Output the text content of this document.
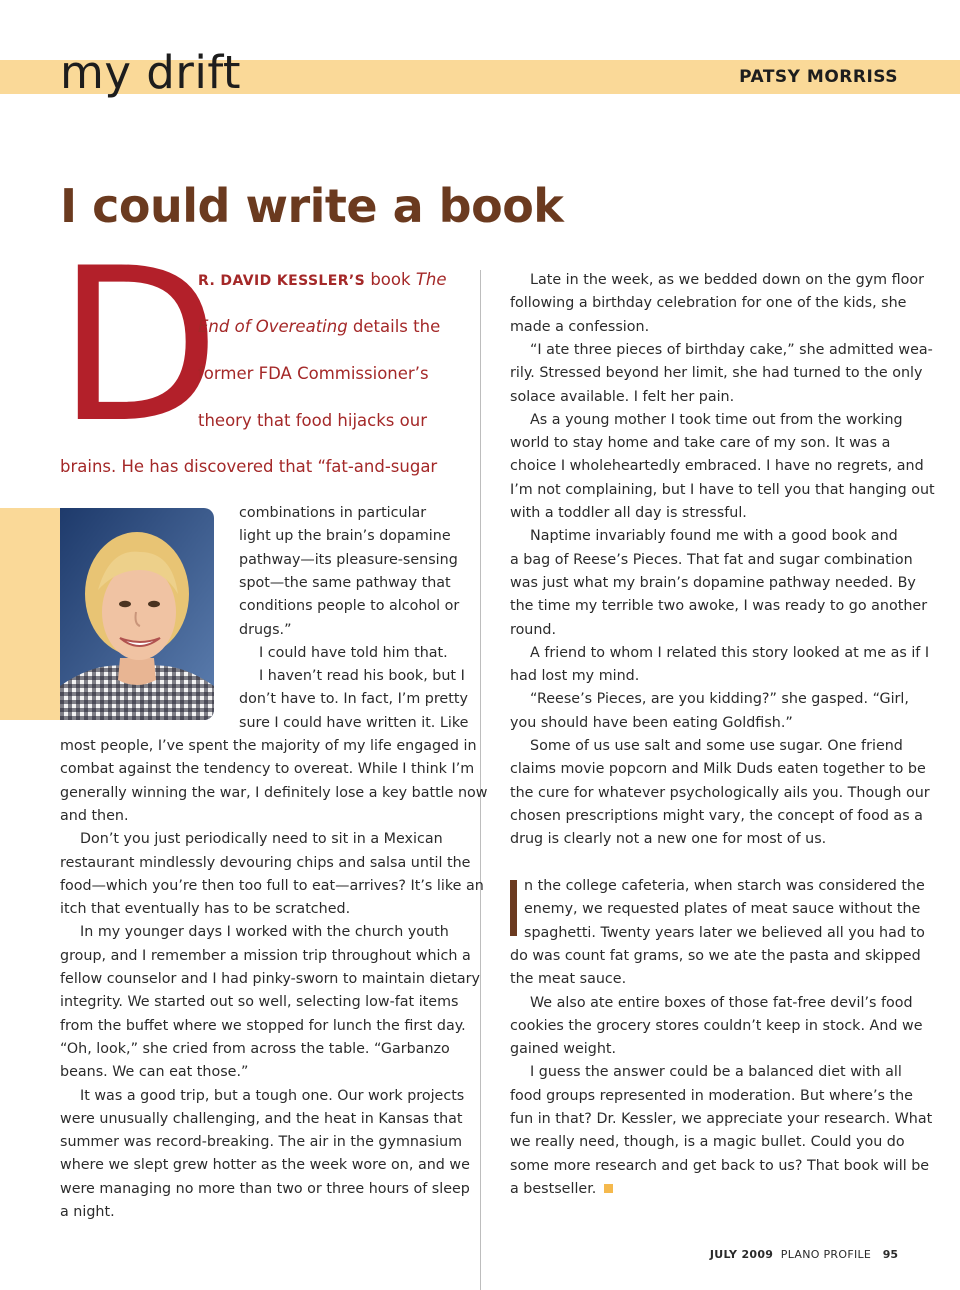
my drift	PATSY MORRISS
I could write a book
D
R. DAVID KESSLER’S book The
End of Overeating details the
former FDA Commissioner’s
theory that food hijacks our
brains. He has discovered that “fat-and-sugar
combinations in particular
light up the brain’s dopamine
pathway—its pleasure-sensing
spot—the same pathway that
conditions people to alcohol or
drugs.”
I could have told him that.
I haven’t read his book, but I
don’t have to. In fact, I’m pretty
sure I could have written it. Like
most people, I’ve spent the majority of my life engaged in
combat against the tendency to overeat. While I think I’m
generally winning the war, I definitely lose a key battle now
and then.
Don’t you just periodically need to sit in a Mexican
restaurant mindlessly devouring chips and salsa until the
food—which you’re then too full to eat—arrives? It’s like an
itch that eventually has to be scratched.
In my younger days I worked with the church youth
group, and I remember a mission trip throughout which a
fellow counselor and I had pinky-sworn to maintain dietary
integrity. We started out so well, selecting low-fat items
from the buffet where we stopped for lunch the first day.
“Oh, look,” she cried from across the table. “Garbanzo
beans. We can eat those.”
It was a good trip, but a tough one. Our work projects
were unusually challenging, and the heat in Kansas that
summer was record-breaking. The air in the gymnasium
where we slept grew hotter as the week wore on, and we
were managing no more than two or three hours of sleep
a night.
Late in the week, as we bedded down on the gym floor
following a birthday celebration for one of the kids, she
made a confession.
“I ate three pieces of birthday cake,” she admitted wea-
rily. Stressed beyond her limit, she had turned to the only
solace available. I felt her pain.
As a young mother I took time out from the working
world to stay home and take care of my son. It was a
choice I wholeheartedly embraced. I have no regrets, and
I’m not complaining, but I have to tell you that hanging out
with a toddler all day is stressful.
Naptime invariably found me with a good book and
a bag of Reese’s Pieces. That fat and sugar combination
was just what my brain’s dopamine pathway needed. By
the time my terrible two awoke, I was ready to go another
round.
A friend to whom I related this story looked at me as if I
had lost my mind.
“Reese’s Pieces, are you kidding?” she gasped. “Girl,
you should have been eating Goldfish.”
Some of us use salt and some use sugar. One friend
claims movie popcorn and Milk Duds eaten together to be
the cure for whatever psychologically ails you. Though our
chosen prescriptions might vary, the concept of food as a
drug is clearly not a new one for most of us.
n the college cafeteria, when starch was considered the
enemy, we requested plates of meat sauce without the
spaghetti. Twenty years later we believed all you had to
do was count fat grams, so we ate the pasta and skipped
the meat sauce.
We also ate entire boxes of those fat-free devil’s food
cookies the grocery stores couldn’t keep in stock. And we
gained weight.
I guess the answer could be a balanced diet with all
food groups represented in moderation. But where’s the
fun in that? Dr. Kessler, we appreciate your research. What
we really need, though, is a magic bullet. Could you do
some more research and get back to us? That book will be
a bestseller.
JULY 2009 PLANO PROFILE 95
